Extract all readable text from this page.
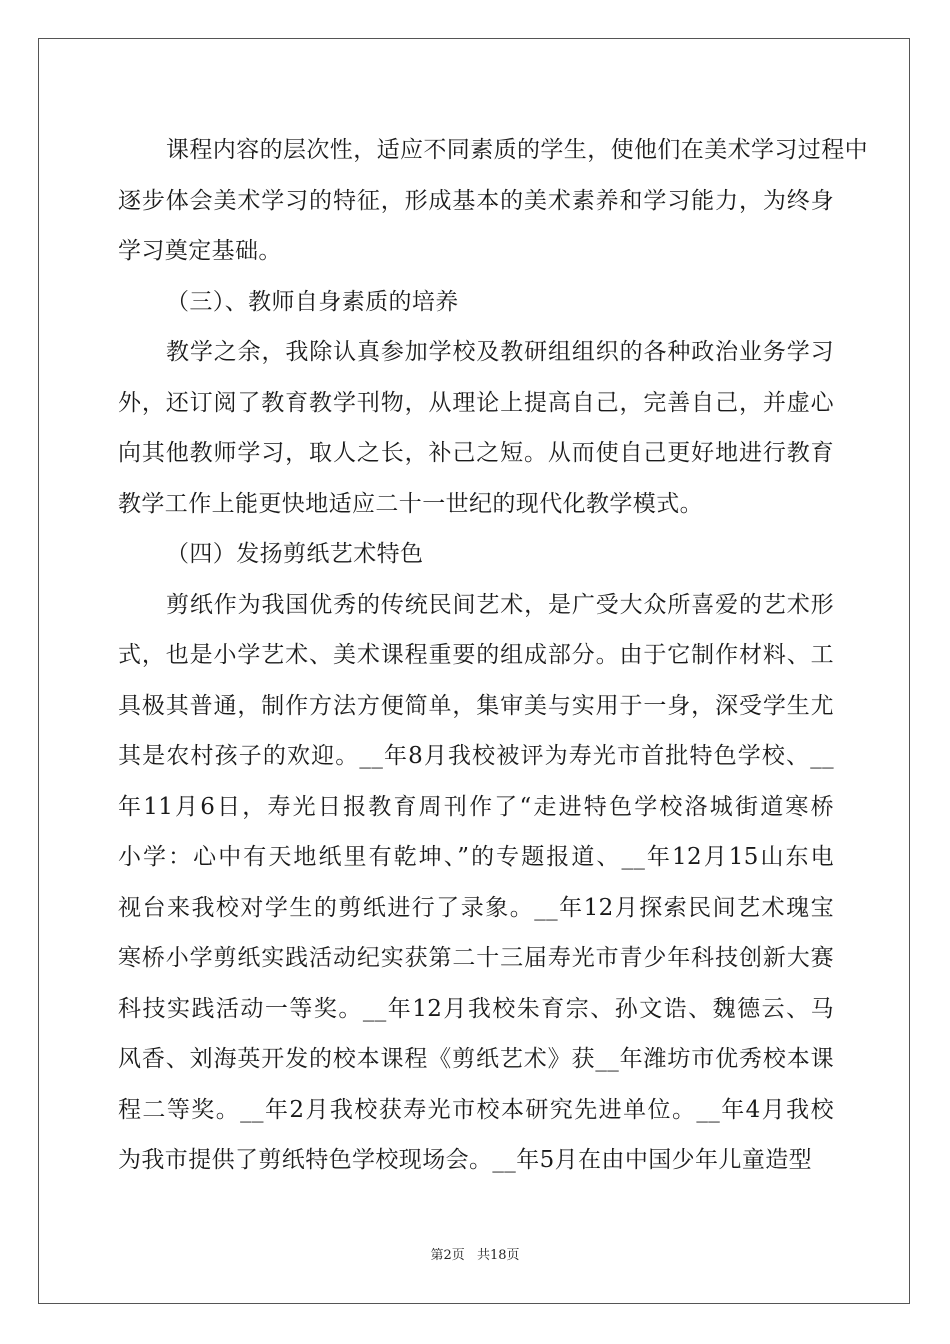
课程内容的层次性，适应不同素质的学生，使他们在美术学习过程中
逐步体会美术学习的特征，形成基本的美术素养和学习能力，为终身
学习奠定基础。
（三）、教师自身素质的培养
教学之余，我除认真参加学校及教研组组织的各种政治业务学习
外，还订阅了教育教学刊物，从理论上提高自己，完善自己，并虚心
向其他教师学习，取人之长，补己之短。从而使自己更好地进行教育
教学工作上能更快地适应二十一世纪的现代化教学模式。
（四）发扬剪纸艺术特色
剪纸作为我国优秀的传统民间艺术，是广受大众所喜爱的艺术形
式，也是小学艺术、美术课程重要的组成部分。由于它制作材料、工
具极其普通，制作方法方便简单，集审美与实用于一身，深受学生尤
其是农村孩子的欢迎。__年8月我校被评为寿光市首批特色学校、__
年11月6日，寿光日报教育周刊作了“走进特色学校洛城街道寒桥
小学：心中有天地纸里有乾坤、”的专题报道、__年12月15山东电
视台来我校对学生的剪纸进行了录象。__年12月探索民间艺术瑰宝
寒桥小学剪纸实践活动纪实获第二十三届寿光市青少年科技创新大赛
科技实践活动一等奖。__年12月我校朱育宗、孙文诰、魏德云、马
风香、刘海英开发的校本课程《剪纸艺术》获__年潍坊市优秀校本课
程二等奖。__年2月我校获寿光市校本研究先进单位。__年4月我校
为我市提供了剪纸特色学校现场会。__年5月在由中国少年儿童造型
第2页 共18页
